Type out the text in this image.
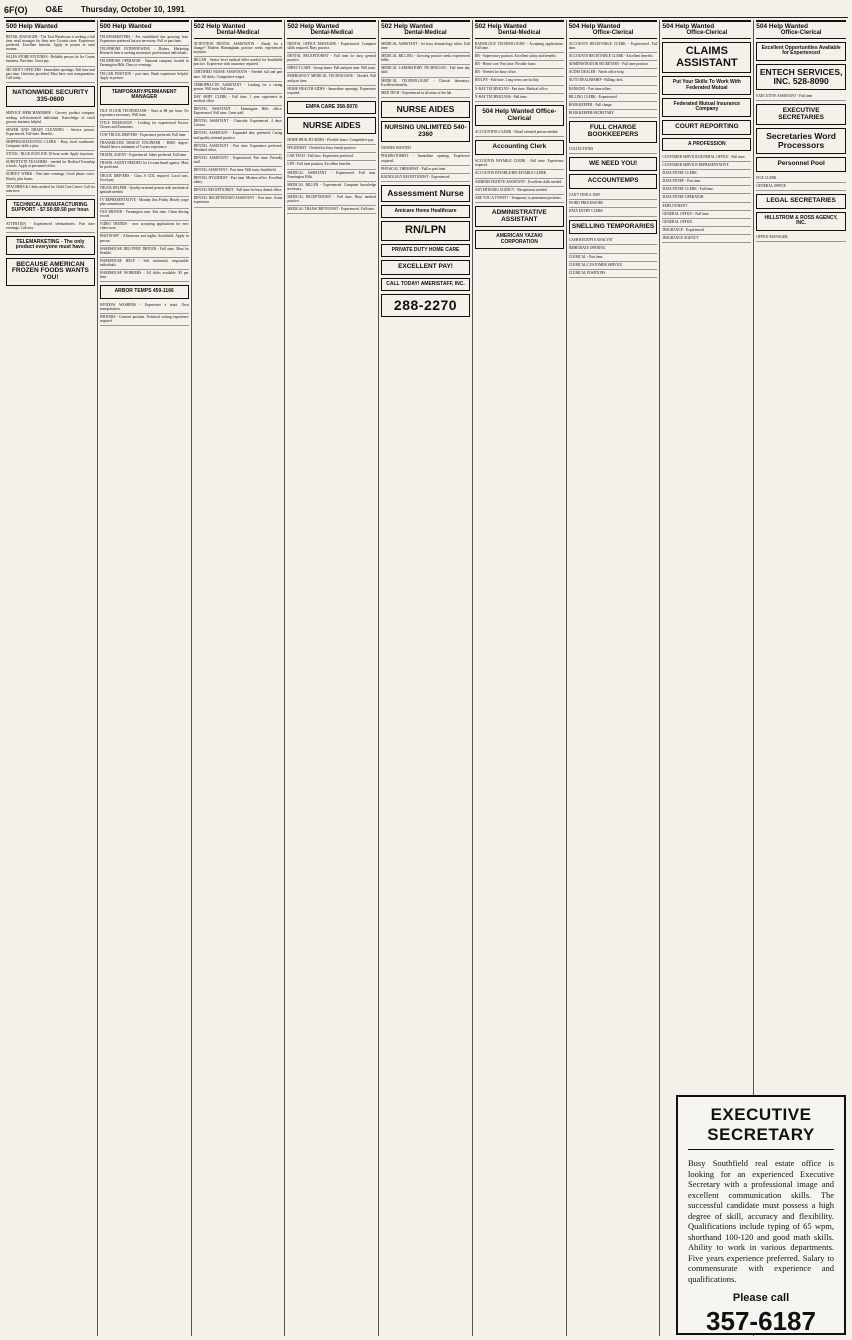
6F(O) O&E Thursday, October 10, 1991
500 Help Wanted
RETAIL MANAGER - The Tool Warehouse is seeking a full time retail manager for their new Livonia store. Experience preferred. Excellent benefits. Apply in person or send resume.
SALES STORE FIXTURES - Reliable person for Ice Cream business. Part time. Good pay.
SECURITY OFFICERS - Immediate openings. Full time and part time. Uniforms provided. Must have own transportation. Call today.
NATIONWIDE SECURITY 335-0600
SERVICE MERCHANDISER - Grocery product company seeking self-motivated individual. Knowledge of retail grocery business helpful.
SEWER AND DRAIN CLEANING - Service person. Experienced. Full time. Benefits.
SHIPPING/RECEIVING CLERK - Busy local warehouse. Computer skills a plus.
STOCK - BLUE JEAN JOE. 50 hour week. Apply in person.
SUBSTITUTE TEACHERS - needed for Redford Township schools. Apply at personnel office.
SURVEY WORK - Part time evenings. Good phone voice. Hourly plus bonus.
TEACHERS & Clerks needed for Child Care Center. Call for interview.
TECHNICAL MANUFACTURING SUPPORT - $7.50-$9.50 per hour.
ATTENTION - Experienced telemarketers. Part time evenings. Call now.
TELEMARKETING - The only product everyone must have.
BECAUSE AMERICAN FROZEN FOODS WANTS YOU!
500 Help Wanted
TELEMARKETERS - For established fast growing firm. Experience preferred but not necessary. Full or part time.
TELEPHONE INTERVIEWING - Dialers. Marketing Research firm is seeking motivated, professional individuals.
TELEPHONE OPERATOR - National company located in Farmington Hills. Days or evenings.
TELLER POSITION - part time. Bank experience helpful. Apply in person.
TEMPORARY/PERMANENT MANAGER
TILE FLOOR TECHNICIANS - Start at $8 per hour. No experience necessary. Will train.
TITLE INSURANCE - Looking for experienced Escrow Closers and Examiners.
TOW TRUCK DRIVERS - Experience preferred. Full time.
TRANSDUCER DESIGN ENGINEER - BSEE degree. Should have a minimum of 5 years experience.
TRAVEL AGENT - Experienced. Sabre preferred. Full time.
TRAVEL AGENT NEEDED for Livonia based agency. Must be proficient.
TRUCK DRIVERS - Class A CDL required. Local runs. Good pay.
TRUCK HELPER - Quality-oriented person with mechanical aptitude needed.
TV REPRESENTATIVE - Monday thru Friday. Hourly wage plus commission.
VAN DRIVER - Farmington area. Part time. Clean driving record.
VIDEO TRENDS - now accepting applications for new video store.
WAITSTAFF - Afternoons and nights. Southfield. Apply in person.
WAREHOUSE DELIVERY DRIVER - Full time. Must be flexible.
WAREHOUSE HELP - Self motivated, responsible individuals.
WAREHOUSE WORKERS - All shifts available. $5 per hour.
ARBOR TEMPS 459-1166
WINDOW WASHERS - Experience a must. Own transportation.
WRITERS - Contract position. Technical writing experience required.
502 Help Wanted
Dental-Medical
ATTENTION DENTAL ASSISTANTS - Ready for a change? Modern Birmingham practice seeks experienced assistant.
BILLER - Senior level medical biller needed for Southfield practice. Experience with insurance required.
CERTIFIED NURSE ASSISTANTS - Needed full and part time. All shifts. Competitive wages.
CHIROPRACTIC ASSISTANT - Looking for a caring person. Will train. Full time.
DAY SHIFT CLERK - Full time. 1 year experience in medical office.
DENTAL ASSISTANT - Farmington Hills office. Experienced. Full time. Great staff.
DENTAL ASSISTANT - Chairside. Experienced. 4 days. Livonia.
DENTAL ASSISTANT - Expanded duty preferred. Caring and quality oriented practice.
DENTAL ASSISTANT - Part time. Experience preferred. Westland office.
DENTAL ASSISTANT - Experienced. Part time. Friendly staff.
DENTAL ASSISTANT - Part time. Will train. Southfield.
DENTAL HYGIENIST - Part time. Modern office. Excellent salary.
DENTAL RECEPTIONIST - Full time for busy dental office.
DENTAL RECEPTIONIST/ASSISTANT - Part time. Some experience.
502 Help Wanted
Dental-Medical
DENTAL OFFICE MANAGER - Experienced. Computer skills required. Busy practice.
DENTAL RECEPTIONIST - Full time for busy general practice.
DIRECT CARE - Group home. Full and part time. Will train.
EMERGENCY MEDICAL TECHNICIANS - Needed. Full and part time.
HOME HEALTH AIDES - Immediate openings. Experience required.
EMPA CARE 358-5070
NURSE AIDES
HOME HEALTH AIDES - Flexible hours. Competitive pay.
HYGIENIST - Needed for busy family practice.
LAB TECH - Full time. Experience preferred.
LPN - Full time position. Excellent benefits.
MEDICAL ASSISTANT - Experienced. Full time. Farmington Hills.
MEDICAL BILLER - Experienced. Computer knowledge necessary.
MEDICAL RECEPTIONIST - Full time. Busy medical practice.
MEDICAL TRANSCRIPTIONIST - Experienced. Full time.
502 Help Wanted
Dental-Medical
MEDICAL ASSISTANT - for busy dermatology office. Full time.
MEDICAL BILLING - Growing practice seeks experienced biller.
MEDICAL LABORATORY TECHNICIAN - Full time day shift.
MEDICAL TECHNOLOGIST - Clinical laboratory. Excellent benefits.
MED TECH - Experienced in all areas of the lab.
NURSE AIDES
NURSING UNLIMITED 540-2360
NURSES WANTED
PHLEBOTOMIST - Immediate opening. Experience required.
PHYSICAL THERAPIST - Full or part time.
RADIOLOGY RECEPTIONIST - Experienced.
Assessment Nurse
Amicare Home Healthcare
RN/LPN
PRIVATE DUTY HOME CARE
EXCELLENT PAY!
CALL TODAY! AMERISTAFF, INC.
288-2270
502 Help Wanted
Dental-Medical
RADIOLOGY TECHNOLOGIST - Accepting applications. Full time.
RN - Supervisory position. Excellent salary and benefits.
RN - Home care. Part time. Flexible hours.
RN - Needed for busy office.
RN/LPN - Full time. Long term care facility.
X-RAY TECHNICIAN - Part time. Medical office.
X-RAY TECHNICIANS - Full time.
504 Help Wanted Office-Clerical
ACCOUNTING CLERK - Detail oriented person needed.
Accounting Clerk
ACCOUNTS PAYABLE CLERK - Full time. Experience required.
ACCOUNTS PAYABLE/RECEIVABLE CLERK
ADMINISTRATIVE ASSISTANT - Excellent skills needed.
ADVERTISING AGENCY - Receptionist needed.
ARE YOU A TYPIST? - Temporary to permanent positions.
ADMINISTRATIVE ASSISTANT
AMERICAN YAZAKI CORPORATION
504 Help Wanted
Office-Clerical
ACCOUNTS RECEIVABLE CLERK - Experienced. Full time.
ACCOUNTS RECEIVABLE CLERK - Excellent benefits.
ADMINISTRATOR SECRETARY - Full time position.
AUDIO DEALER - Needs office help.
AUTO DEALERSHIP - Billing clerk.
BANKING - Part time tellers.
BILLING CLERK - Experienced.
BOOKKEEPER - Full charge.
BOOKKEEPER/SECRETARY
FULL CHARGE BOOKKEEPERS
COLLECTIONS
WE NEED YOU!
ACCOUNTEMPS
CAN'T FIND A JOB?
WORD PROCESSORS
DATA ENTRY CLERK
SNELLING TEMPORARIES
CASH RECEIPTS ANALYST
IMMEDIATE OPENING
CLERICAL - Part time.
CLERICAL/CUSTOMER SERVICE
CLERICAL POSITIONS
504 Help Wanted
Office-Clerical
CLAIMS ASSISTANT
Put Your Skills To Work With Federated Mutual
Federated Mutual Insurance Company
COURT REPORTING
A PROFESSION
CUSTOMER SERVICE/GENERAL OFFICE - Full time.
CUSTOMER SERVICE REPRESENTATIVE
DATA ENTRY CLERK
DATA ENTRY - Part time.
DATA ENTRY CLERK - Full time.
DATA ENTRY OPERATOR
EMPLOYMENT
GENERAL OFFICE - Full time.
GENERAL OFFICE
INSURANCE - Experienced.
INSURANCE AGENCY
504 Help Wanted
Office-Clerical
Excellent Opportunities Available for Experienced
ENTECH SERVICES, INC. 528-8090
EXECUTIVE ASSISTANT - Full time.
EXECUTIVE SECRETARIES
Secretaries Word Processors
Personnel Pool
FILE CLERK
GENERAL OFFICE
LEGAL SECRETARIES
HILLSTROM & ROSS AGENCY, INC.
OFFICE MANAGER
EXECUTIVE SECRETARY
Busy Southfield real estate office is looking for an experienced Executive Secretary with a professional image and excellent communication skills. The successful candidate must possess a high degree of skill, accuracy and flexibility. Qualifications include typing of 65 wpm, shorthand 100-120 and good math skills. Ability to work in various departments. Five years experience preferred. Salary to commensurate with experience and qualifications.
Please call
357-6187
